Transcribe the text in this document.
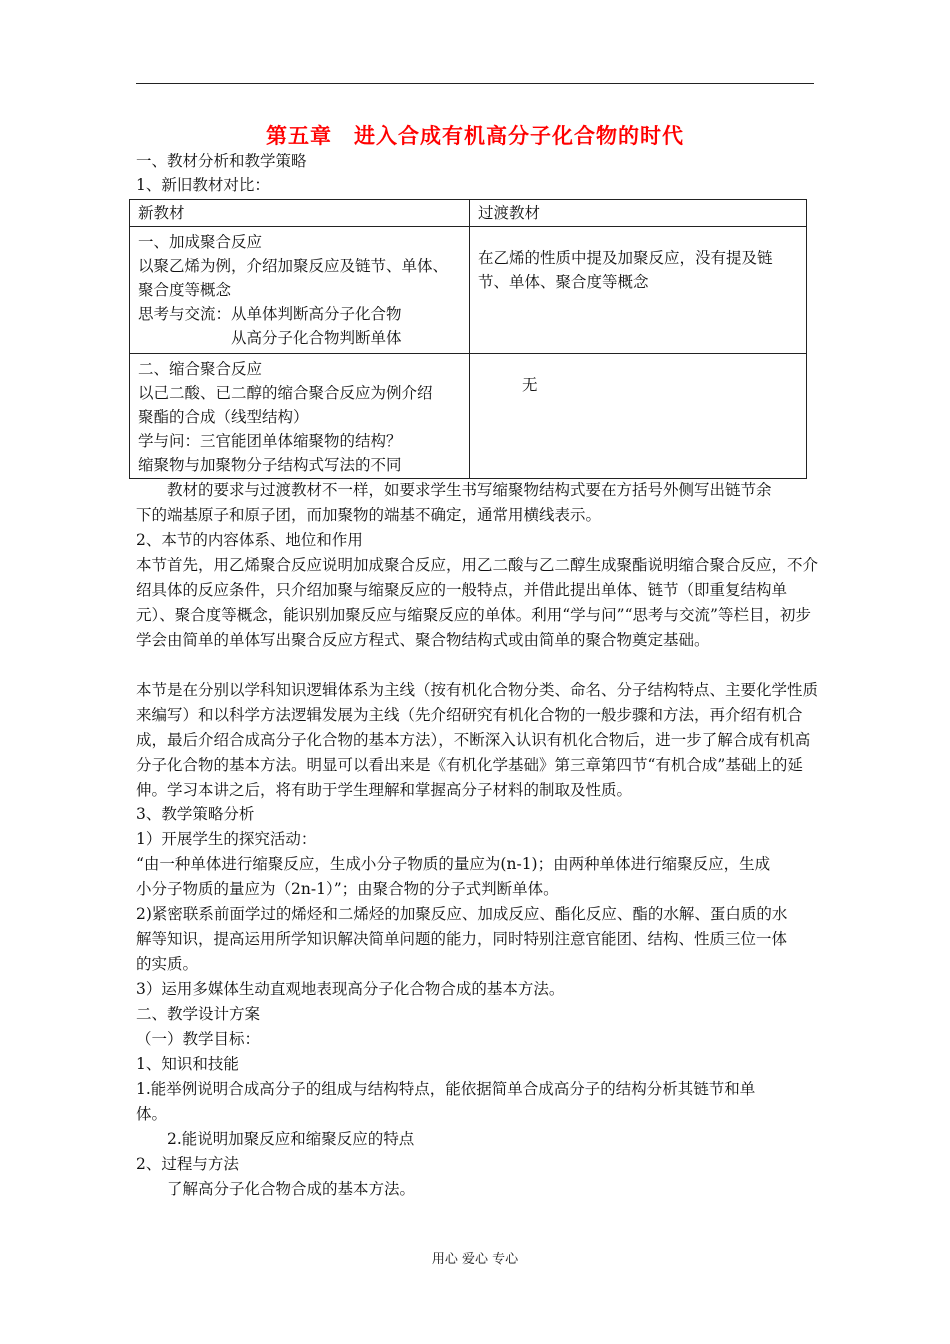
第五章　进入合成有机高分子化合物的时代
一、教材分析和教学策略
1、新旧教材对比：
新教材	过渡教材

一、加成聚合反应
以聚乙烯为例，介绍加聚反应及链节、单体、
聚合度等概念
思考与交流：从单体判断高分子化合物
　　　　　　从高分子化合物判断单体	在乙烯的性质中提及加聚反应，没有提及链节、单体、聚合度等概念

二、缩合聚合反应
以己二酸、已二醇的缩合聚合反应为例介绍
聚酯的合成（线型结构）
学与问：三官能团单体缩聚物的结构？
缩聚物与加聚物分子结构式写法的不同	无
　　教材的要求与过渡教材不一样，如要求学生书写缩聚物结构式要在方括号外侧写出链节余
下的端基原子和原子团，而加聚物的端基不确定，通常用横线表示。
2、本节的内容体系、地位和作用
本节首先，用乙烯聚合反应说明加成聚合反应，用乙二酸与乙二醇生成聚酯说明缩合聚合反应，不介绍具体的反应条件，只介绍加聚与缩聚反应的一般特点，并借此提出单体、链节（即重复结构单元）、聚合度等概念，能识别加聚反应与缩聚反应的单体。利用“学与问”“思考与交流”等栏目，初步学会由简单的单体写出聚合反应方程式、聚合物结构式或由简单的聚合物奠定基础。
本节是在分别以学科知识逻辑体系为主线（按有机化合物分类、命名、分子结构特点、主要化学性质来编写）和以科学方法逻辑发展为主线（先介绍研究有机化合物的一般步骤和方法，再介绍有机合成，最后介绍合成高分子化合物的基本方法），不断深入认识有机化合物后，进一步了解合成有机高分子化合物的基本方法。明显可以看出来是《有机化学基础》第三章第四节“有机合成”基础上的延伸。学习本讲之后，将有助于学生理解和掌握高分子材料的制取及性质。
3、教学策略分析
1）开展学生的探究活动：
“由一种单体进行缩聚反应，生成小分子物质的量应为(n-1)；由两种单体进行缩聚反应，生成
小分子物质的量应为（2n-1）”；由聚合物的分子式判断单体。
2)紧密联系前面学过的烯烃和二烯烃的加聚反应、加成反应、酯化反应、酯的水解、蛋白质的水
解等知识，提高运用所学知识解决简单问题的能力，同时特别注意官能团、结构、性质三位一体
的实质。
3）运用多媒体生动直观地表现高分子化合物合成的基本方法。
二、教学设计方案
（一）教学目标：
1、知识和技能
1.能举例说明合成高分子的组成与结构特点，能依据简单合成高分子的结构分析其链节和单
体。
　　2.能说明加聚反应和缩聚反应的特点
2、过程与方法
　　了解高分子化合物合成的基本方法。
用心 爱心 专心
